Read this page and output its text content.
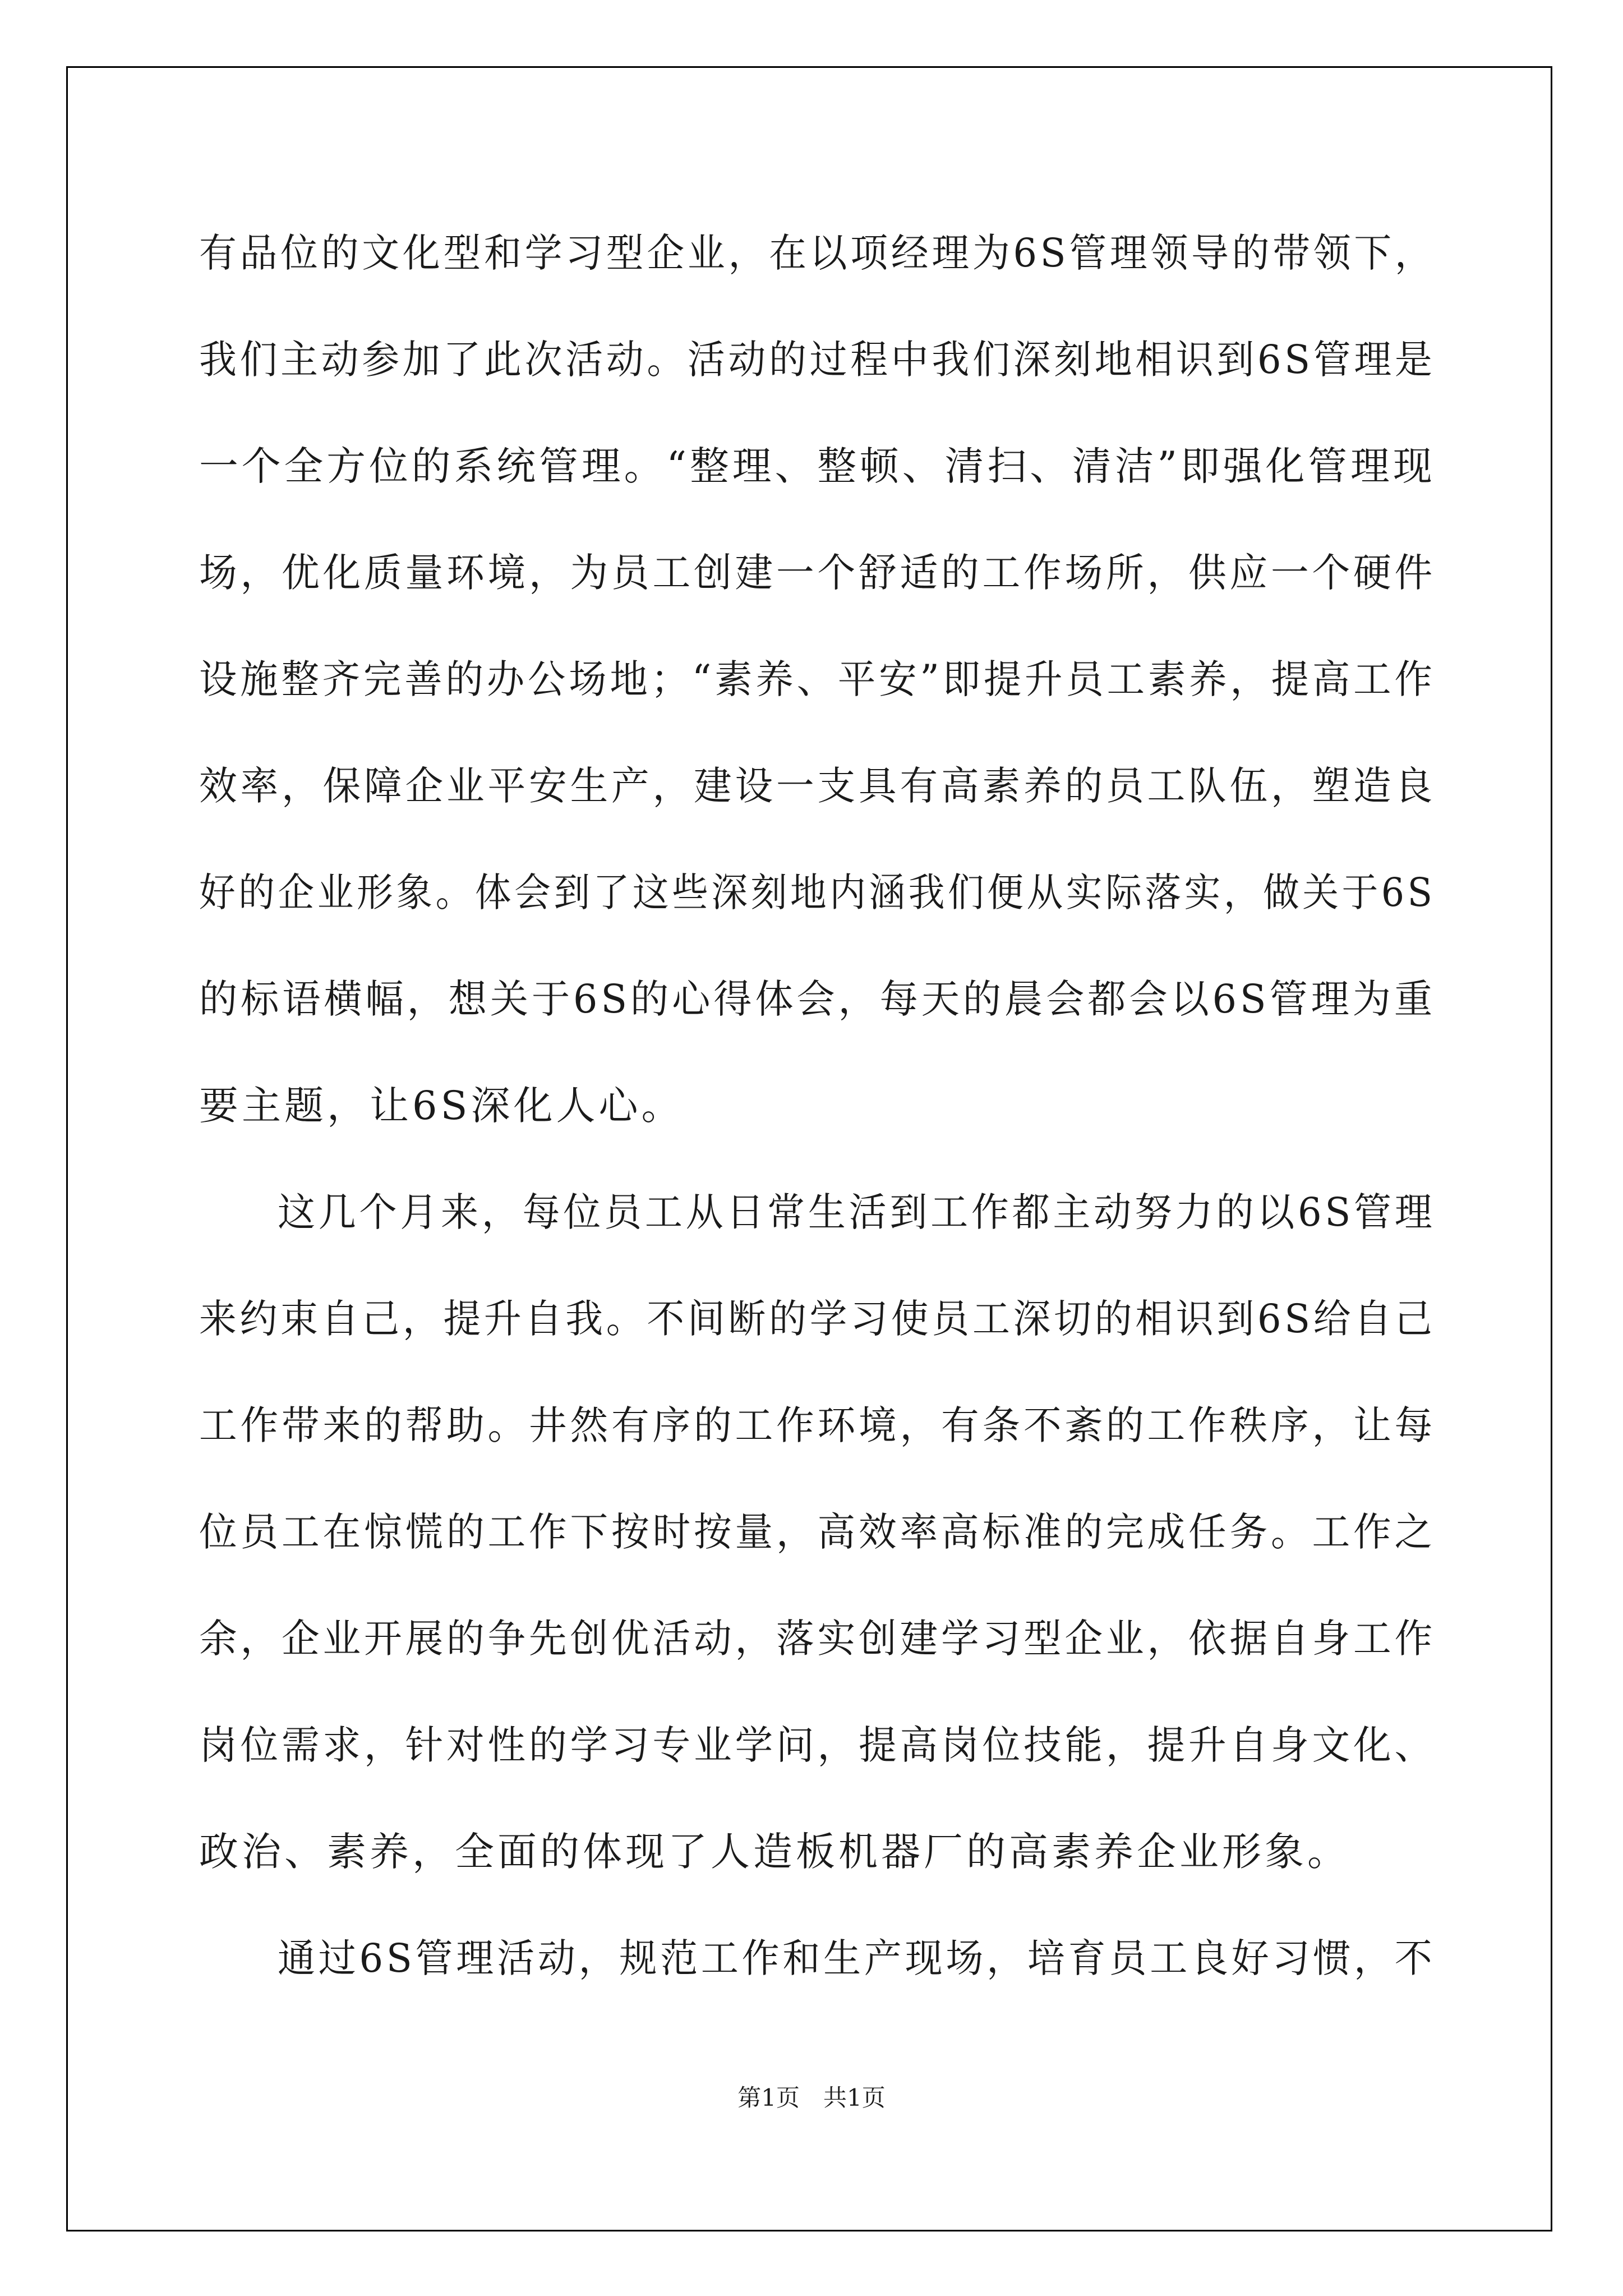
有品位的文化型和学习型企业，在以项经理为6S管理领导的带领下，
我们主动参加了此次活动。活动的过程中我们深刻地相识到6S管理是
一个全方位的系统管理。“整理、整顿、清扫、清洁”即强化管理现
场，优化质量环境，为员工创建一个舒适的工作场所，供应一个硬件
设施整齐完善的办公场地；“素养、平安”即提升员工素养，提高工作
效率，保障企业平安生产，建设一支具有高素养的员工队伍，塑造良
好的企业形象。体会到了这些深刻地内涵我们便从实际落实，做关于6S
的标语横幅，想关于6S的心得体会，每天的晨会都会以6S管理为重
要主题，让6S深化人心。
这几个月来，每位员工从日常生活到工作都主动努力的以6S管理
来约束自己，提升自我。不间断的学习使员工深切的相识到6S给自己
工作带来的帮助。井然有序的工作环境，有条不紊的工作秩序，让每
位员工在惊慌的工作下按时按量，高效率高标准的完成任务。工作之
余，企业开展的争先创优活动，落实创建学习型企业，依据自身工作
岗位需求，针对性的学习专业学问，提高岗位技能，提升自身文化、
政治、素养，全面的体现了人造板机器厂的高素养企业形象。
通过6S管理活动，规范工作和生产现场，培育员工良好习惯，不
第1页　共1页
